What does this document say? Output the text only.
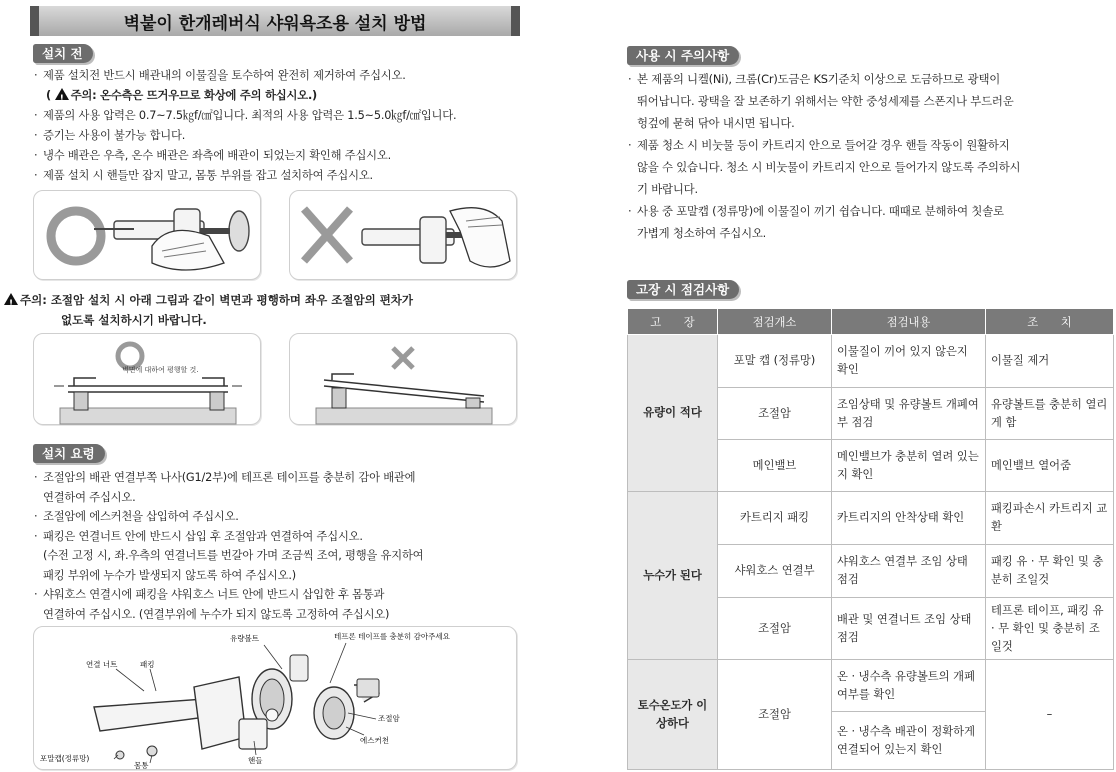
벽붙이 한개레버식 샤워욕조용 설치 방법
설치 전
· 제품 설치전 반드시 배관내의 이물질을 토수하여 완전히 제거하여 주십시오.
( !주의: 온수측은 뜨거우므로 화상에 주의 하십시오.)
· 제품의 사용 압력은 0.7~7.5㎏f/㎠입니다. 최적의 사용 압력은 1.5~5.0㎏f/㎠입니다.
· 증기는 사용이 불가능 합니다.
· 냉수 배관은 우측, 온수 배관은 좌측에 배관이 되었는지 확인해 주십시오.
· 제품 설치 시 핸들만 잡지 말고, 몸통 부위를 잡고 설치하여 주십시오.
!주의: 조절암 설치 시 아래 그림과 같이 벽면과 평행하며 좌우 조절암의 편차가
없도록 설치하시기 바랍니다.
벽면에 대하여 평행할 것.
설치 요령
· 조절암의 배관 연결부쪽 나사(G1/2부)에 테프론 테이프를 충분히 감아 배관에
연결하여 주십시오.
· 조절암에 에스커천을 삽입하여 주십시오.
· 패킹은 연결너트 안에 반드시 삽입 후 조절암과 연결하여 주십시오.
(수전 고정 시, 좌.우측의 연결너트를 번갈아 가며 조금씩 조여, 평행을 유지하여
패킹 부위에 누수가 발생되지 않도록 하여 주십시오.)
· 샤워호스 연결시에 패킹을 샤워호스 너트 안에 반드시 삽입한 후 몸통과
연결하여 주십시오. (연결부위에 누수가 되지 않도록 고정하여 주십시오)
유량볼트	테프론 테이프를 충분히 감아주세요
연결 너트	패킹
조절암
에스커천
핸들
포말캡(정류망)
몸통
사용 시 주의사항
· 본 제품의 니켈(Ni), 크롬(Cr)도금은 KS기준치 이상으로 도금하므로 광택이
뛰어납니다. 광택을 잘 보존하기 위해서는 약한 중성세제를 스폰지나 부드러운
헝겊에 묻혀 닦아 내시면 됩니다.
· 제품 청소 시 비눗물 등이 카트리지 안으로 들어갈 경우 핸들 작동이 원활하지
않을 수 있습니다. 청소 시 비눗물이 카트리지 안으로 들어가지 않도록 주의하시
기 바랍니다.
· 사용 중 포말캡 (정류망)에 이물질이 끼기 쉽습니다. 때때로 분해하여 칫솔로
가볍게 청소하여 주십시오.
고장 시 점검사항
고　　장	점검개소	점검내용	조　　치
유량이 적다	포말 캡 (정류망)	이물질이 끼어 있지 않은지 확인	이물질 제거
	조절암	조임상태 및 유량볼트 개폐여부 점검	유량볼트를 충분히 열리게 함
	메인밸브	메인밸브가 충분히 열려 있는지 확인	메인밸브 열어줌
누수가 된다	카트리지 패킹	카트리지의 안착상태 확인	패킹파손시 카트리지 교환
	샤워호스 연결부	샤워호스 연결부 조임 상태 점검	패킹 유 · 무 확인 및 충분히 조일것
	조절암	배관 및 연결너트 조임 상태 점검	테프론 테이프, 패킹 유 · 무 확인 및 충분히 조일것
토수온도가 이상하다	조절암	온 · 냉수측 유량볼트의 개폐여부를 확인	–
		온 · 냉수측 배관이 정확하게 연결되어 있는지 확인	
